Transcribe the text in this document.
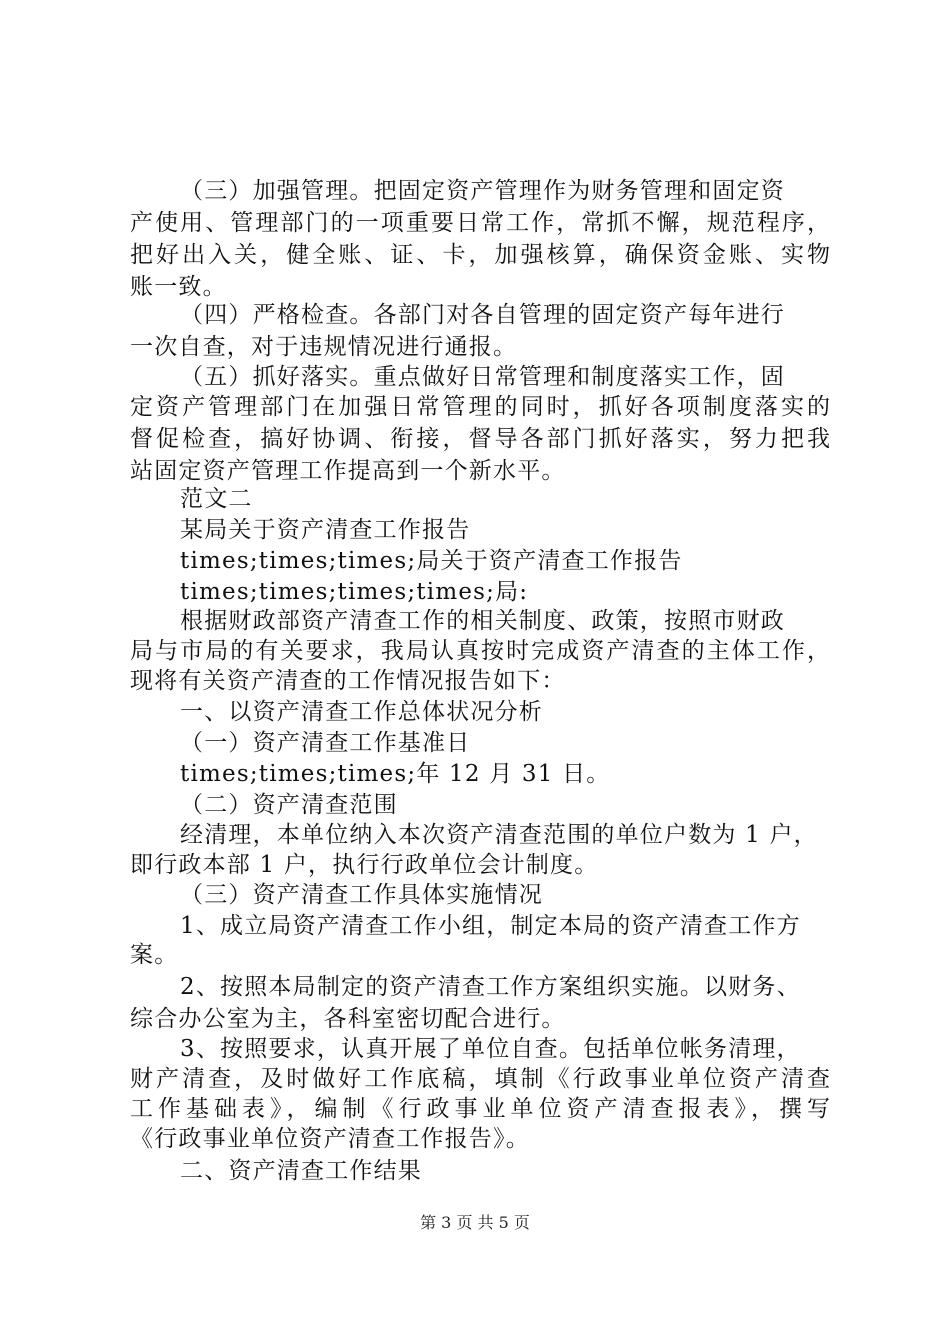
（三）加强管理。把固定资产管理作为财务管理和固定资
产使用、管理部门的一项重要日常工作，常抓不懈，规范程序，
把好出入关，健全账、证、卡，加强核算，确保资金账、实物
账一致。
（四）严格检查。各部门对各自管理的固定资产每年进行
一次自查，对于违规情况进行通报。
（五）抓好落实。重点做好日常管理和制度落实工作，固
定资产管理部门在加强日常管理的同时，抓好各项制度落实的
督促检查，搞好协调、衔接，督导各部门抓好落实，努力把我
站固定资产管理工作提高到一个新水平。
范文二
某局关于资产清查工作报告
times;times;times;局关于资产清查工作报告
times;times;times;times;局:
根据财政部资产清查工作的相关制度、政策，按照市财政
局与市局的有关要求，我局认真按时完成资产清查的主体工作，
现将有关资产清查的工作情况报告如下：
一、以资产清查工作总体状况分析
（一）资产清查工作基准日
times;times;times;年 12 月 31 日。
（二）资产清查范围
经清理，本单位纳入本次资产清查范围的单位户数为 1 户，
即行政本部 1 户，执行行政单位会计制度。
（三）资产清查工作具体实施情况
1、成立局资产清查工作小组，制定本局的资产清查工作方
案。
2、按照本局制定的资产清查工作方案组织实施。以财务、
综合办公室为主，各科室密切配合进行。
3、按照要求，认真开展了单位自查。包括单位帐务清理，
财产清查，及时做好工作底稿，填制《行政事业单位资产清查
工作基础表》，编制《行政事业单位资产清查报表》，撰写
《行政事业单位资产清查工作报告》。
二、资产清查工作结果
第 3 页 共 5 页
